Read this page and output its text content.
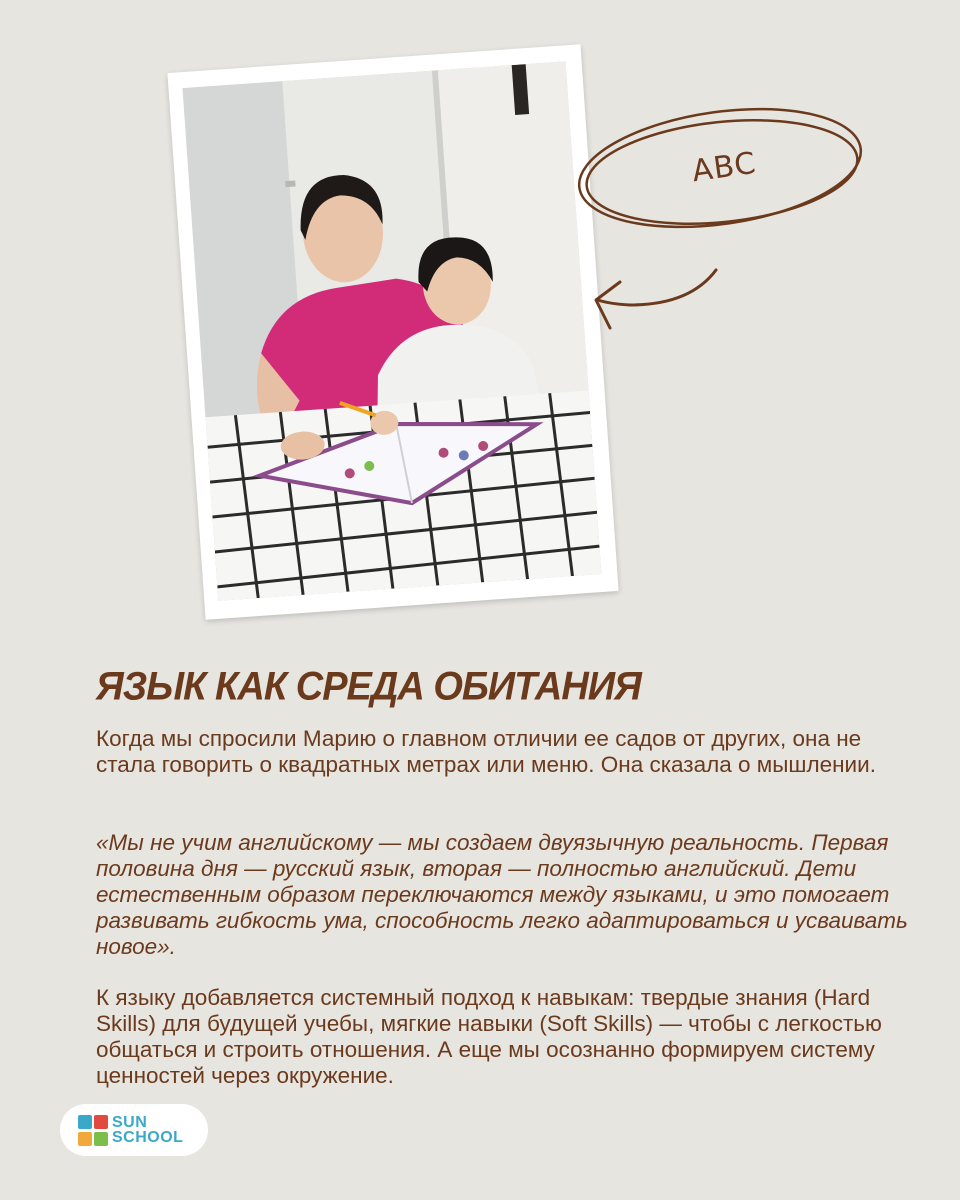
ABC
ЯЗЫК КАК СРЕДА ОБИТАНИЯ

Когда мы спросили Марию о главном отличии ее садов от других, она не стала говорить о квадратных метрах или меню. Она сказала о мышлении.

«Мы не учим английскому — мы создаем двуязычную реальность. Первая половина дня — русский язык, вторая — полностью английский. Дети естественным образом переключаются между языками, и это помогает развивать гибкость ума, способность легко адаптироваться и усваивать новое».

К языку добавляется системный подход к навыкам: твердые знания (Hard Skills) для будущей учебы, мягкие навыки (Soft Skills) — чтобы с легкостью общаться и строить отношения. А еще мы осознанно формируем систему ценностей через окружение.

SUN
SCHOOL
